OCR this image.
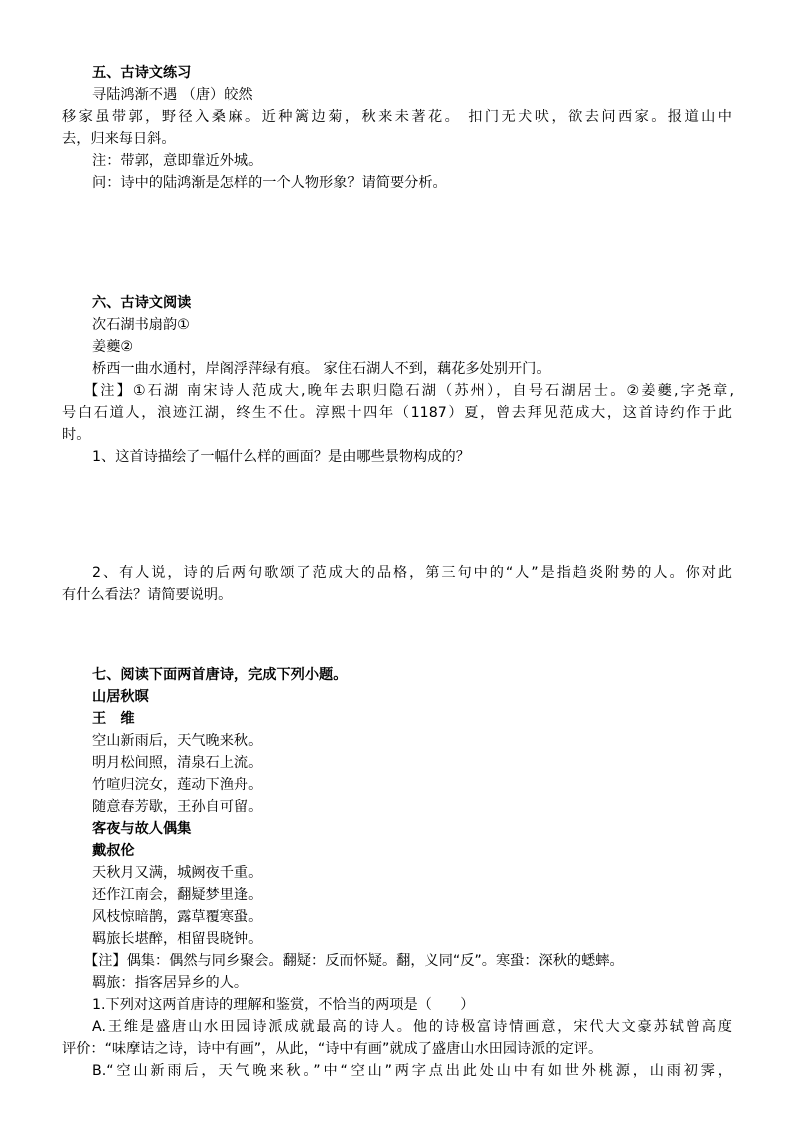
五、古诗文练习
寻陆鸿渐不遇 （唐）皎然
移家虽带郭，野径入桑麻。近种篱边菊，秋来未著花。 扣门无犬吠，欲去问西家。报道山中
去，归来每日斜。
注：带郭，意即靠近外城。
问：诗中的陆鸿渐是怎样的一个人物形象？请简要分析。
六、古诗文阅读
次石湖书扇韵①
姜夔②
桥西一曲水通村，岸阁浮萍绿有痕。 家住石湖人不到，藕花多处别开门。
【注】①石湖 南宋诗人范成大,晚年去职归隐石湖（苏州），自号石湖居士。②姜夔,字尧章,
号白石道人，浪迹江湖，终生不仕。淳熙十四年（1187）夏，曾去拜见范成大，这首诗约作于此
时。
1、这首诗描绘了一幅什么样的画面？是由哪些景物构成的？
2、有人说，诗的后两句歌颂了范成大的品格，第三句中的“人”是指趋炎附势的人。你对此
有什么看法？请简要说明。
七、阅读下面两首唐诗，完成下列小题。
山居秋暝
王　维
空山新雨后，天气晚来秋。
明月松间照，清泉石上流。
竹喧归浣女，莲动下渔舟。
随意春芳歇，王孙自可留。
客夜与故人偶集
戴叔伦
天秋月又满，城阙夜千重。
还作江南会，翻疑梦里逢。
风枝惊暗鹊，露草覆寒蛩。
羁旅长堪醉，相留畏晓钟。
【注】偶集：偶然与同乡聚会。翻疑：反而怀疑。翻，义同“反”。寒蛩：深秋的蟋蟀。
羁旅：指客居异乡的人。
1.下列对这两首唐诗的理解和鉴赏，不恰当的两项是（　　）
A.王维是盛唐山水田园诗派成就最高的诗人。他的诗极富诗情画意，宋代大文豪苏轼曾高度
评价：“味摩诘之诗，诗中有画”，从此，“诗中有画”就成了盛唐山水田园诗派的定评。
B.“空山新雨后，天气晚来秋。”中“空山”两字点出此处山中有如世外桃源，山雨初霁，
